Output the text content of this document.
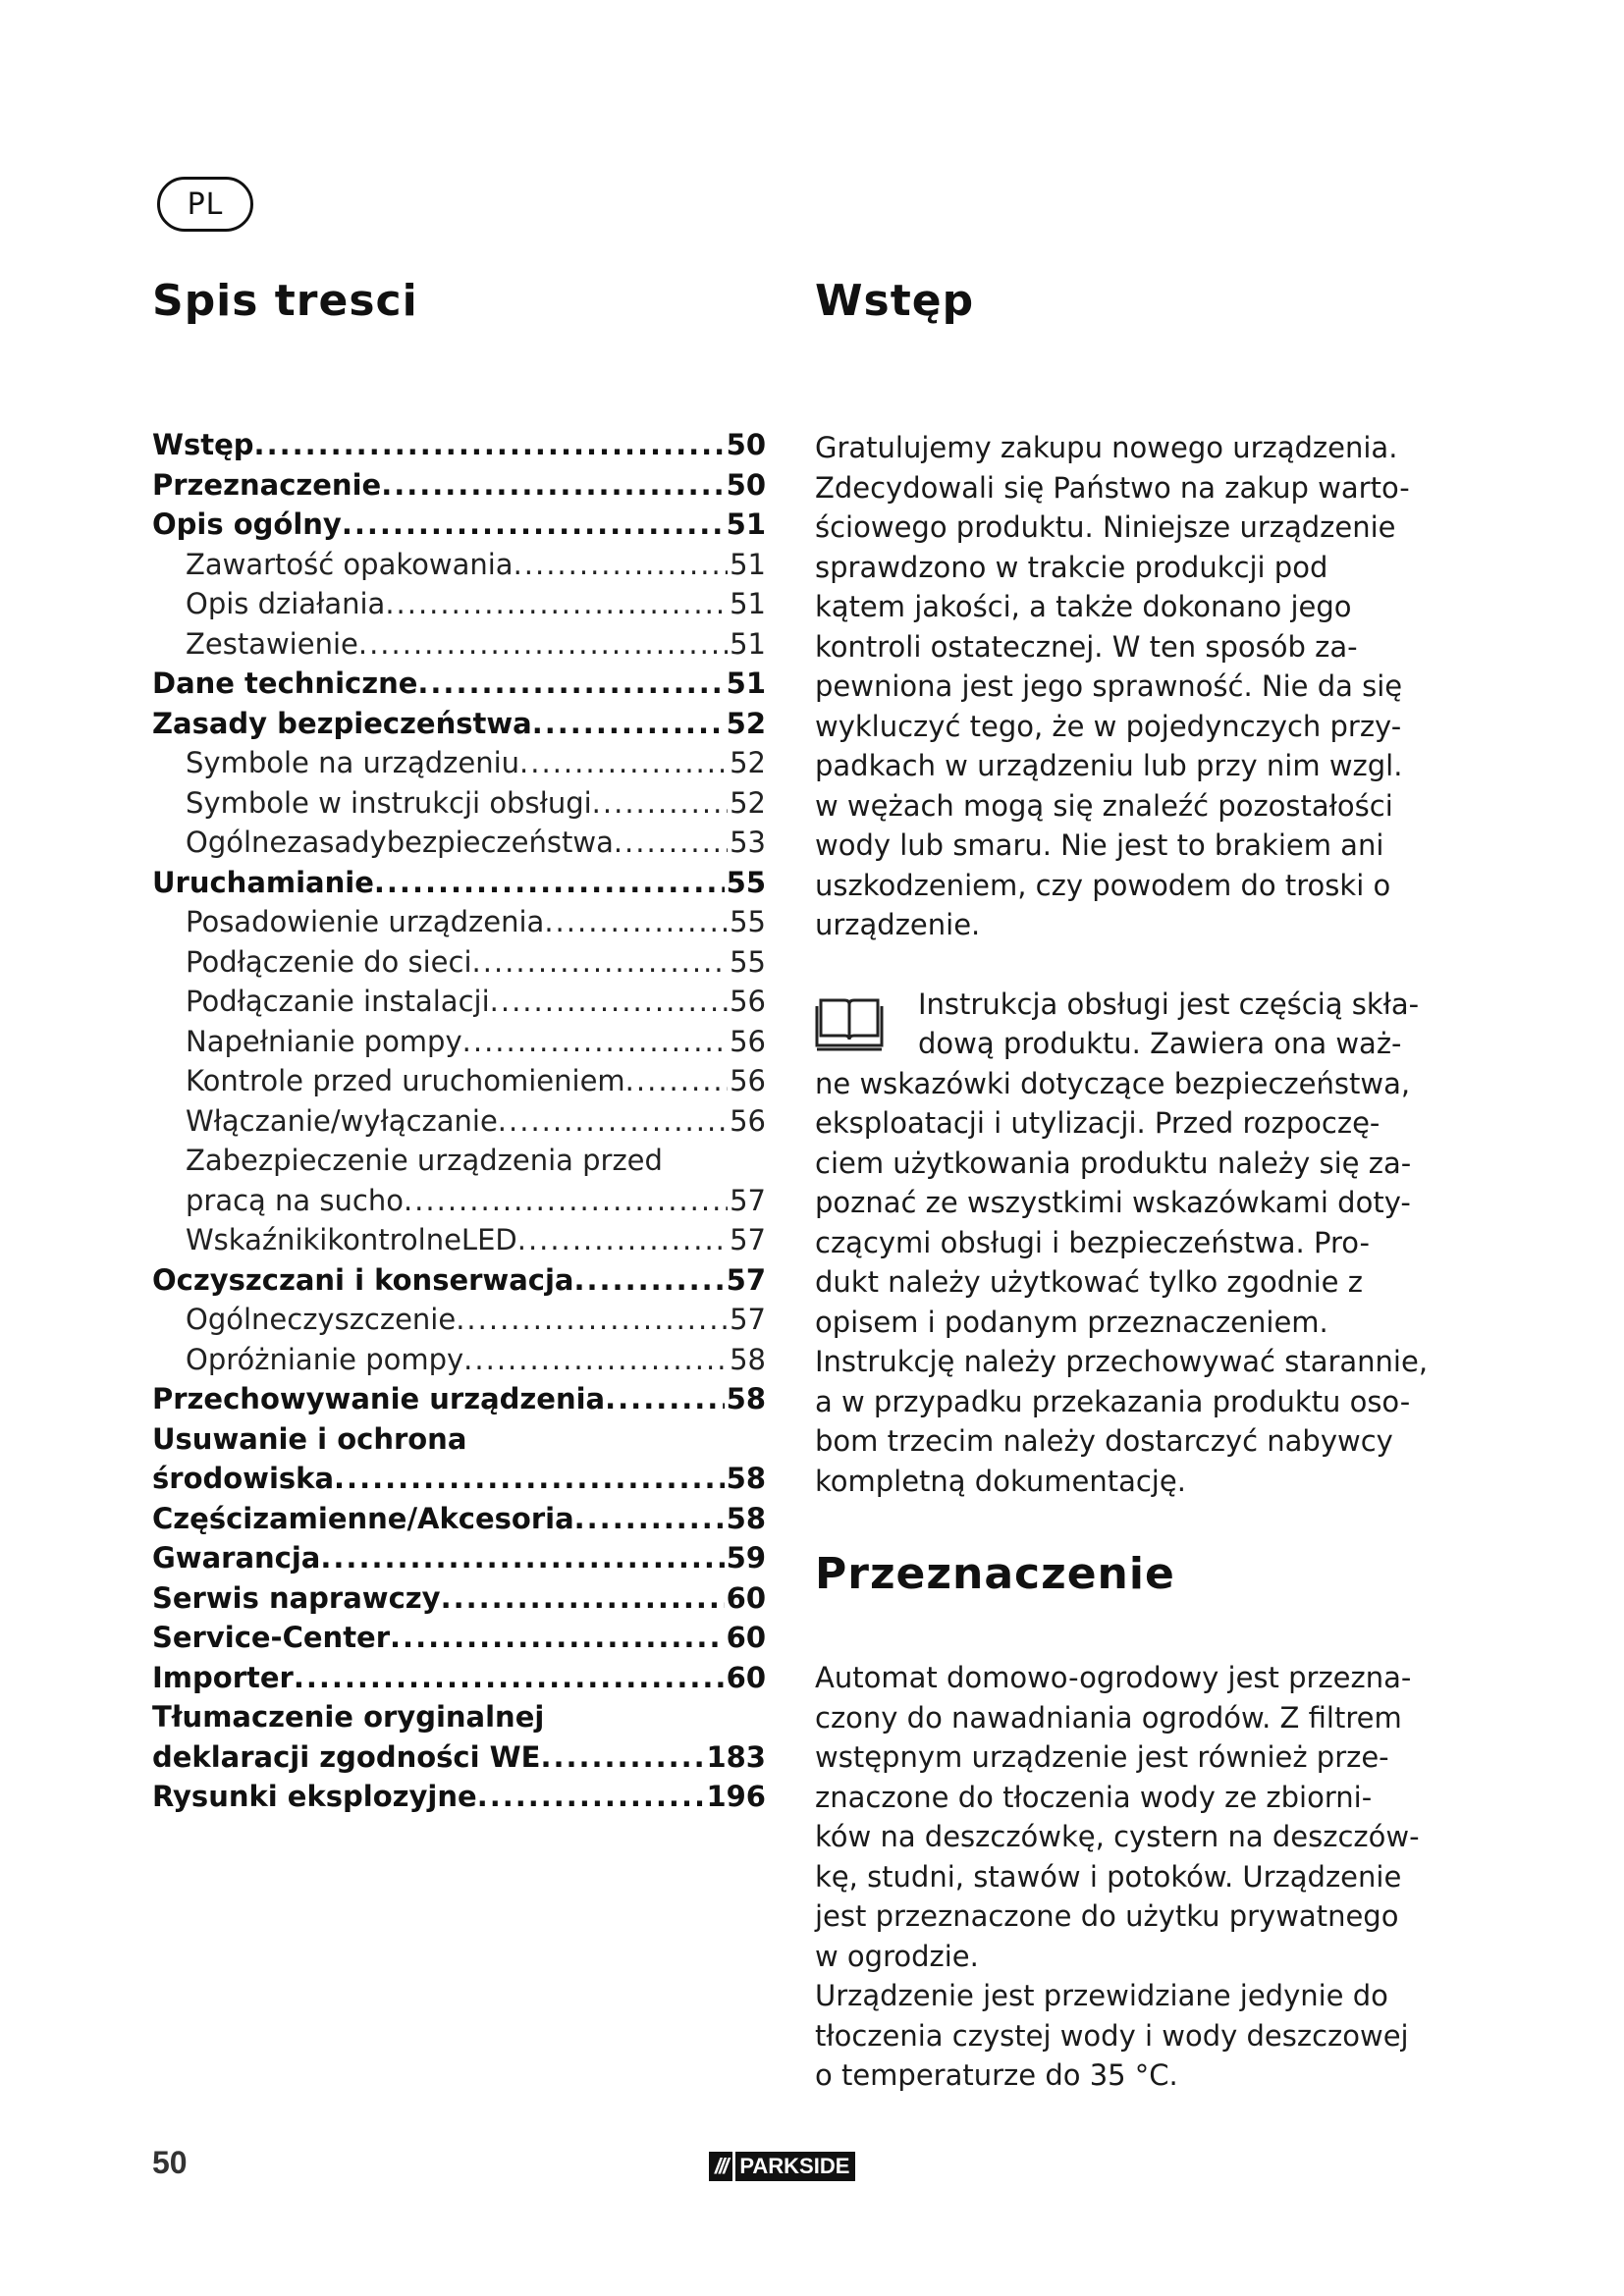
PL
Spis tresci
Wstęp .....	50
Przeznaczenie .....	50
Opis ogólny .....	51
Zawartość opakowania .....	51
Opis działania .....	51
Zestawienie .....	51
Dane techniczne .....	51
Zasady bezpieczeństwa .....	52
Symbole na urządzeniu .....	52
Symbole w instrukcji obsługi .....	52
Ogólnezasadybezpieczeństwa .....	53
Uruchamianie .....	55
Posadowienie urządzenia .....	55
Podłączenie do sieci .....	55
Podłączanie instalacji .....	56
Napełnianie pompy .....	56
Kontrole przed uruchomieniem .....	56
Włączanie/wyłączanie .....	56
Zabezpieczenie urządzenia przed
pracą na sucho .....	57
WskaźnikikontrolneLED .....	57
Oczyszczani i konserwacja .....	57
Ogólneczyszczenie .....	57
Opróżnianie pompy .....	58
Przechowywanie urządzenia .....	58
Usuwanie i ochrona
środowiska .....	58
Częścizamienne/Akcesoria .....	58
Gwarancja .....	59
Serwis naprawczy .....	60
Service-Center .....	60
Importer .....	60
Tłumaczenie oryginalnej
deklaracji zgodności WE .....	183
Rysunki eksplozyjne .....	196
Wstęp
Gratulujemy zakupu nowego urządzenia.
Zdecydowali się Państwo na zakup warto-
ściowego produktu. Niniejsze urządzenie
sprawdzono w trakcie produkcji pod
kątem jakości, a także dokonano jego
kontroli ostatecznej. W ten sposób za-
pewniona jest jego sprawność. Nie da się
wykluczyć tego, że w pojedynczych przy-
padkach w urządzeniu lub przy nim wzgl.
w wężach mogą się znaleźć pozostałości
wody lub smaru. Nie jest to brakiem ani
uszkodzeniem, czy powodem do troski o
urządzenie.
Instrukcja obsługi jest częścią skła-
dową produktu. Zawiera ona waż-
ne wskazówki dotyczące bezpieczeństwa,
eksploatacji i utylizacji. Przed rozpoczę-
ciem użytkowania produktu należy się za-
poznać ze wszystkimi wskazówkami doty-
czącymi obsługi i bezpieczeństwa. Pro-
dukt należy użytkować tylko zgodnie z
opisem i podanym przeznaczeniem.
Instrukcję należy przechowywać starannie,
a w przypadku przekazania produktu oso-
bom trzecim należy dostarczyć nabywcy
kompletną dokumentację.
Przeznaczenie
Automat domowo-ogrodowy jest przezna-
czony do nawadniania ogrodów. Z filtrem
wstępnym urządzenie jest również prze-
znaczone do tłoczenia wody ze zbiorni-
ków na deszczówkę, cystern na deszczów-
kę, studni, stawów i potoków. Urządzenie
jest przeznaczone do użytku prywatnego
w ogrodzie.
Urządzenie jest przewidziane jedynie do
tłoczenia czystej wody i wody deszczowej
o temperaturze do 35 °C.
50	/// PARKSIDE
